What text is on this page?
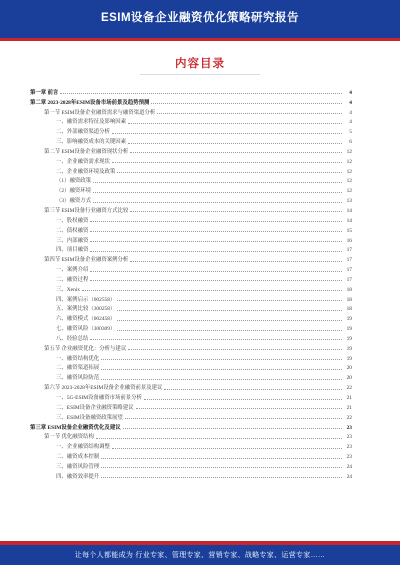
ESIM设备企业融资优化策略研究报告
内容目录
第一章 前言	4
第二章 2023-2028年ESIM设备市场前景及趋势预测	4
第一节 ESIM设备企业融资需求与融资渠道分析	4
一、融资需求特征及影响因素	4
二、外部融资渠道分析	5
三、影响融资成本的关键因素	6
第二节 ESIM设备企业融资现状分析	12
一、企业融资需求现状	12
二、企业融资环境及政策	12
（1）融资政策	12
（2）融资环境	12
（3）融资方式	13
第三节 ESIM设备行业融资方式比较	14
一、股权融资	14
二、债权融资	15
三、内部融资	16
四、项目融资	17
第四节 ESIM设备企业融资案例分析	17
一、案例介绍	17
二、融资过程	17
三、Xenix	18
四、案例启示（002558）	18
五、案例比较（300258）	18
六、融资模式（002458）	19
七、融资风险（300309）	19
八、经验总结	19
第五节 企业融资优化：分析与建议	19
一、融资结构优化	19
二、融资渠道拓展	20
三、融资风险防范	20
第六节 2023-2028年ESIM设备企业融资前景及建议	22
一、5G-ESIM设备融资市场前景分析	21
二、ESIM设备企业融资策略建议	21
三、ESIM设备融资政策展望	22
第三章 ESIM设备企业融资优化及建议	23
第一节 优化融资结构	23
一、企业融资结构调整	23
二、融资成本控制	23
三、融资风险管理	24
四、融资效率提升	24
让每个人都能成为 行业专家、管理专家、营销专家、战略专家、运营专家……
